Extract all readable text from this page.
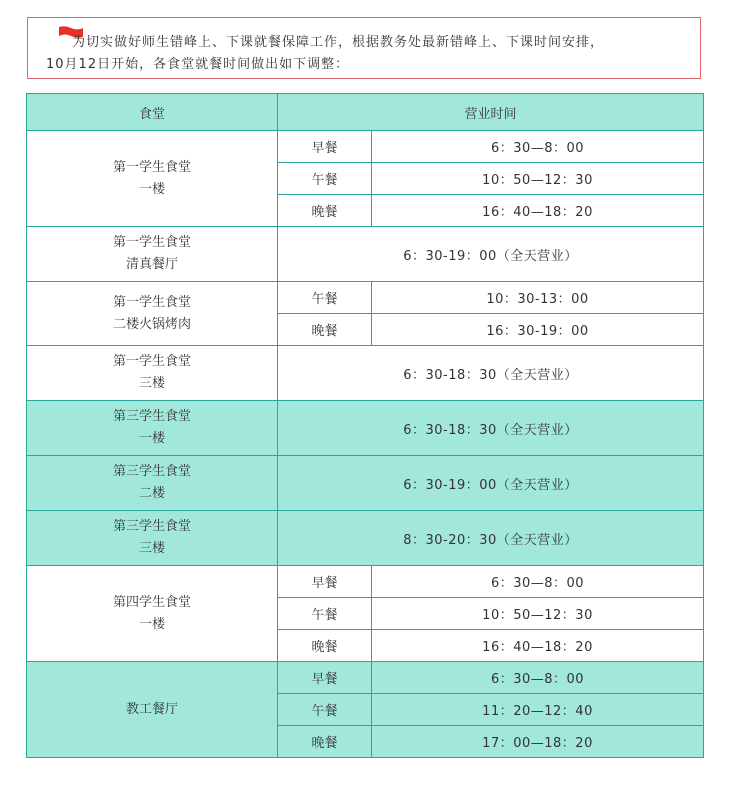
为切实做好师生错峰上、下课就餐保障工作，根据教务处最新错峰上、下课时间安排，
10月12日开始，各食堂就餐时间做出如下调整：
食堂	营业时间	
第一学生食堂
一楼	早餐	6：30—8：00
	午餐	10：50—12：30
	晚餐	16：40—18：20
第一学生食堂
清真餐厅	6：30-19：00（全天营业）	
第一学生食堂
二楼火锅烤肉	午餐	10：30-13：00
	晚餐	16：30-19：00
第一学生食堂
三楼	6：30-18：30（全天营业）	
第三学生食堂
一楼	6：30-18：30（全天营业）	
第三学生食堂
二楼	6：30-19：00（全天营业）	
第三学生食堂
三楼	8：30-20：30（全天营业）	
第四学生食堂
一楼	早餐	6：30—8：00
	午餐	10：50—12：30
	晚餐	16：40—18：20
教工餐厅	早餐	6：30—8：00
	午餐	11：20—12：40
	晚餐	17：00—18：20
